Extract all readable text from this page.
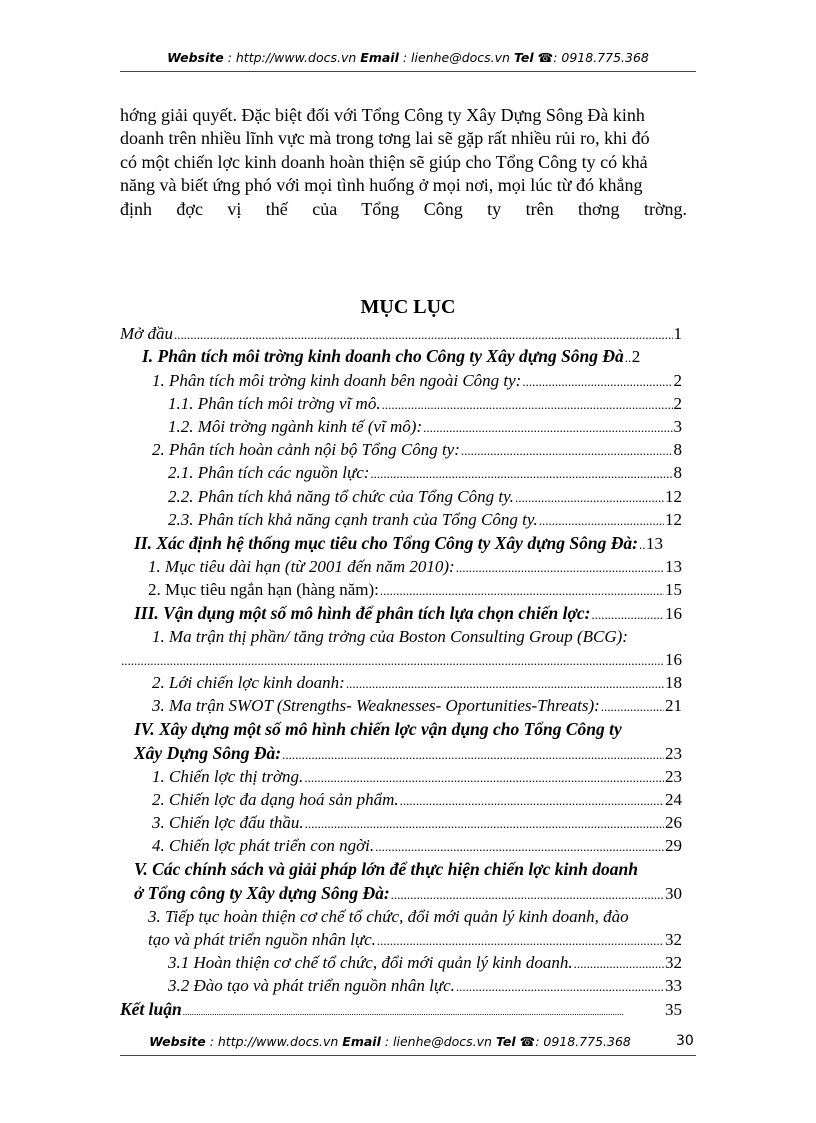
Website : http://www.docs.vn Email : lienhe@docs.vn Tel ☎: 0918.775.368
hớng giải quyết. Đặc biệt đối với Tổng Công ty Xây Dựng Sông Đà kinh
doanh trên nhiều lĩnh vực mà trong tơng lai sẽ gặp rất nhiều rủi ro, khi đó
có một chiến lợc kinh doanh hoàn thiện sẽ giúp cho Tổng Công ty có khả
năng và biết ứng phó với mọi tình huống ở mọi nơi, mọi lúc từ đó khẳng
định đợc vị thế của Tổng Công ty trên thơng trờng.
MỤC LỤC
Mở đầu .....	1
I. Phân tích môi trờng kinh doanh cho Công ty Xây dựng Sông Đà ..... 2
1. Phân tích môi trờng kinh doanh bên ngoài Công ty: .....	2
1.1. Phân tích môi trờng vĩ mô. .....	2
1.2. Môi trờng ngành kinh tế (vĩ mô): .....	3
2. Phân tích hoàn cảnh nội bộ Tổng Công ty: .....	8
2.1. Phân tích các nguồn lực: .....	8
2.2. Phân tích khả năng tổ chức của Tổng Công ty. .....	12
2.3. Phân tích khả năng cạnh tranh của Tổng Công ty. .....	12
II. Xác định hệ thống mục tiêu cho Tổng Công ty Xây dựng Sông Đà: ..... 13
1. Mục tiêu dài hạn (từ 2001 đến năm 2010): .....	13
2. Mục tiêu ngắn hạn (hàng năm): .....	15
III. Vận dụng một số mô hình để phân tích lựa chọn chiến lợc: .....	16
1. Ma trận thị phần/ tăng trởng của Boston Consulting Group (BCG):
.....
16
2. Lới chiến lợc kinh doanh: .....	18
3. Ma trận SWOT (Strengths- Weaknesses- Oportunities-Threats): .....	21
IV. Xây dựng một số mô hình chiến lợc vận dụng cho Tổng Công ty
Xây Dựng Sông Đà: .....	23
1. Chiến lợc thị trờng. .....	23
2. Chiến lợc đa dạng hoá sản phẩm. .....	24
3. Chiến lợc đấu thầu. .....	26
4. Chiến lợc phát triển con ngời. .....	29
V. Các chính sách và giải pháp lớn để thực hiện chiến lợc kinh doanh
ở Tổng công ty Xây dựng Sông Đà: .....	30
3. Tiếp tục hoàn thiện cơ chế tổ chức, đổi mới quản lý kinh doanh, đào
tạo và phát triển nguồn nhân lực. .....	32
3.1 Hoàn thiện cơ chế tổ chức, đổi mới quản lý kinh doanh. .....	32
3.2 Đào tạo và phát triển nguồn nhân lực. .....	33
Kết luận .....	35
Website : http://www.docs.vn Email : lienhe@docs.vn Tel ☎: 0918.775.368	30
